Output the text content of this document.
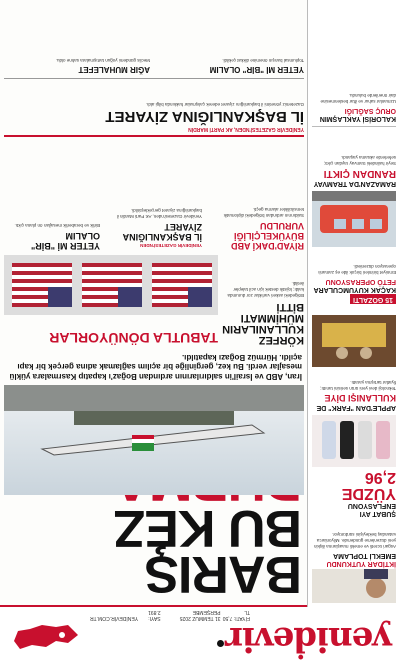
yeniḋevir
FİYATI: 7,50 TL
31 TEMMUZ 2025 PERŞEMBE
SAYI: 2.891
YENİDEVİR.COM.TR
İKTİDAR YUTKUNDU
EMEKLİ TOPLAMA
Asgari ücretli ve emekli maaşlarına ilişkin yeni düzenleme gündemde. Milyonlarca vatandaş bekleyişini sürdürüyor.
ŞUBAT AYI ENFLASYONU
YÜZDE 2,96
APPLE'DAN "FARK" DE
KULLANIŞI DİYE
Teknoloji devi yeni ürün serisini tanıttı; fiyatlar tartışma yarattı.
15 GÖZALTI
KAÇAK KUYUMCULARA
FETÖ OPERASYONU
Emniyet birimleri birçok ilde eş zamanlı operasyon düzenledi.
RAMAZAN'DA TRAMVAY
RANDAN ÇIKTI
Seyir halindeki tramvay raydan çıktı; seferlerde aksama yaşandı.
KALORİSİ YAKLAŞMIN
ORUÇ SAĞLIĞI
Uzmanlar sahur ve iftar beslenmesine dair önerilerde bulundu.
BARIŞ
BU KEZ
İran, ABD ve İsrail'in saldırılarının ardından Boğaz'ı kapatıp Kasrmalara yüklü mesajlar verdi. Bu kez, gerginliğe bir açılım sağlamak adına gerçek bir kapı açıldı. Hürmüz Boğazı kapatıldı.
KÖRFEZ KULLANILARIN MÜHİMMATI BİTTİ
Bölgedeki askeri varlıklar zor durumda kaldı; lojistik destek için acil talepler iletildi.
TABUTLA DÖNÜYORLAR
RİYAD'DAKİ ABD BÜYÜKELÇİLİĞİ VURULDU
Saldırının ardından bölgedeki diplomatik temsilcilikler alarma geçti.
YENİDEVİR GAZETESİ'NDEN
İL BAŞKANLIĞINA ZİYARET
Yenidevir Gazetesi'nden, AK Parti Mardin il başkanlığına ziyaret gerçekleştirildi.
YETER Mİ "BİR" OLALIM
Birlik ve beraberlik mesajları ön plana çıktı.
YENİDEVİR GAZETESİ'NDEN, AK PARTİ MARDİN
İL BAŞKANLIĞINA ZİYARET
Gazetemiz yönetimi il başkanlığını ziyaret ederek çalışmalar hakkında bilgi aldı.
YETER Mİ "BİR" OLALIM
Toplumsal barışın önemine dikkat çekildi.
AĞIR MUHALEFET
Meclis gündemi yoğun tartışmalara sahne oldu.
